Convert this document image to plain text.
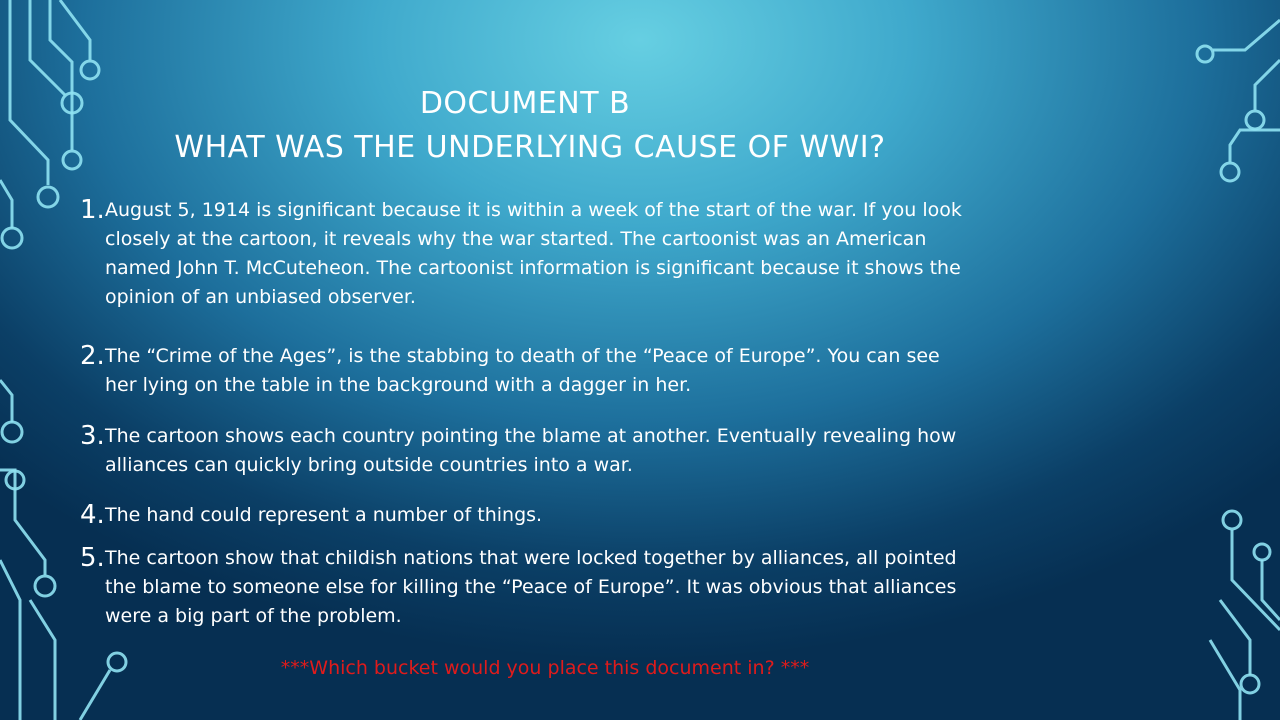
DOCUMENT B
WHAT WAS THE UNDERLYING CAUSE OF WWI?
1. August 5, 1914 is significant because it is within a week of the start of the war. If you look closely at the cartoon, it reveals why the war started. The cartoonist was an American named John T. McCuteheon. The cartoonist information is significant because it shows the opinion of an unbiased observer.
2. The “Crime of the Ages”, is the stabbing to death of the “Peace of Europe”. You can see her lying on the table in the background with a dagger in her.
3. The cartoon shows each country pointing the blame at another. Eventually revealing how alliances can quickly bring outside countries into a war.
4. The hand could represent a number of things.
5. The cartoon show that childish nations that were locked together by alliances, all pointed the blame to someone else for killing the “Peace of Europe”. It was obvious that alliances were a big part of the problem.
***Which bucket would you place this document in? ***
